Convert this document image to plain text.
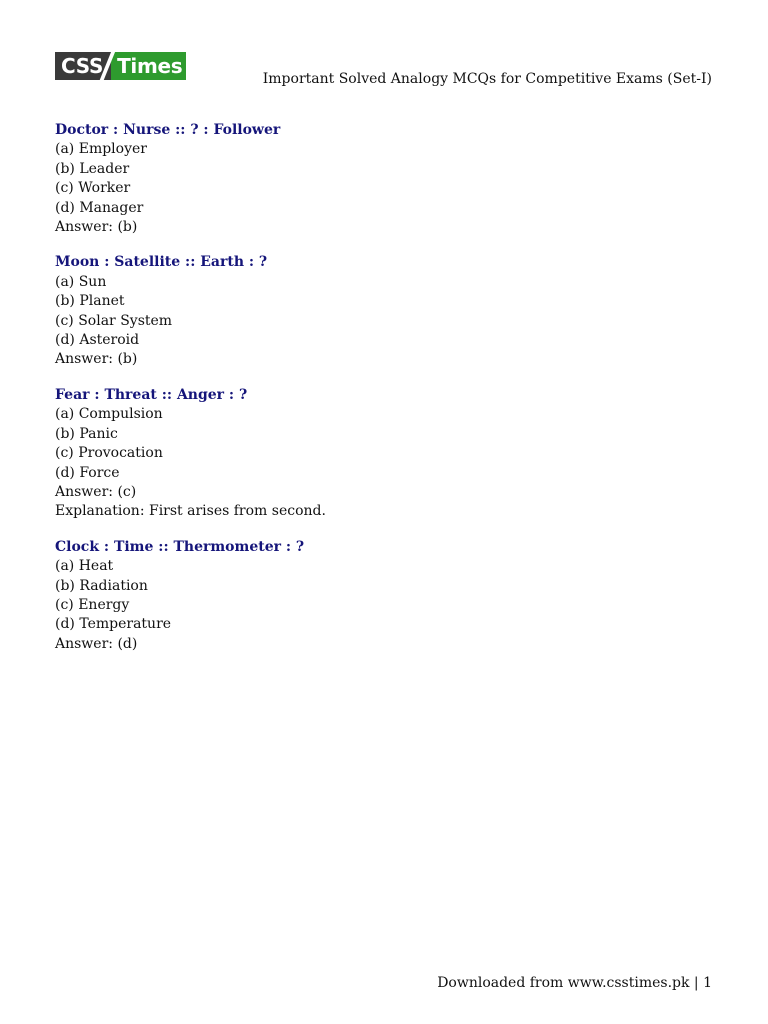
CSS Times
Important Solved Analogy MCQs for Competitive Exams (Set-I)
Doctor : Nurse :: ? : Follower
(a) Employer
(b) Leader
(c) Worker
(d) Manager
Answer: (b)
Moon : Satellite :: Earth : ?
(a) Sun
(b) Planet
(c) Solar System
(d) Asteroid
Answer: (b)
Fear : Threat :: Anger : ?
(a) Compulsion
(b) Panic
(c) Provocation
(d) Force
Answer: (c)
Explanation: First arises from second.
Clock : Time :: Thermometer : ?
(a) Heat
(b) Radiation
(c) Energy
(d) Temperature
Answer: (d)
Downloaded from www.csstimes.pk | 1
